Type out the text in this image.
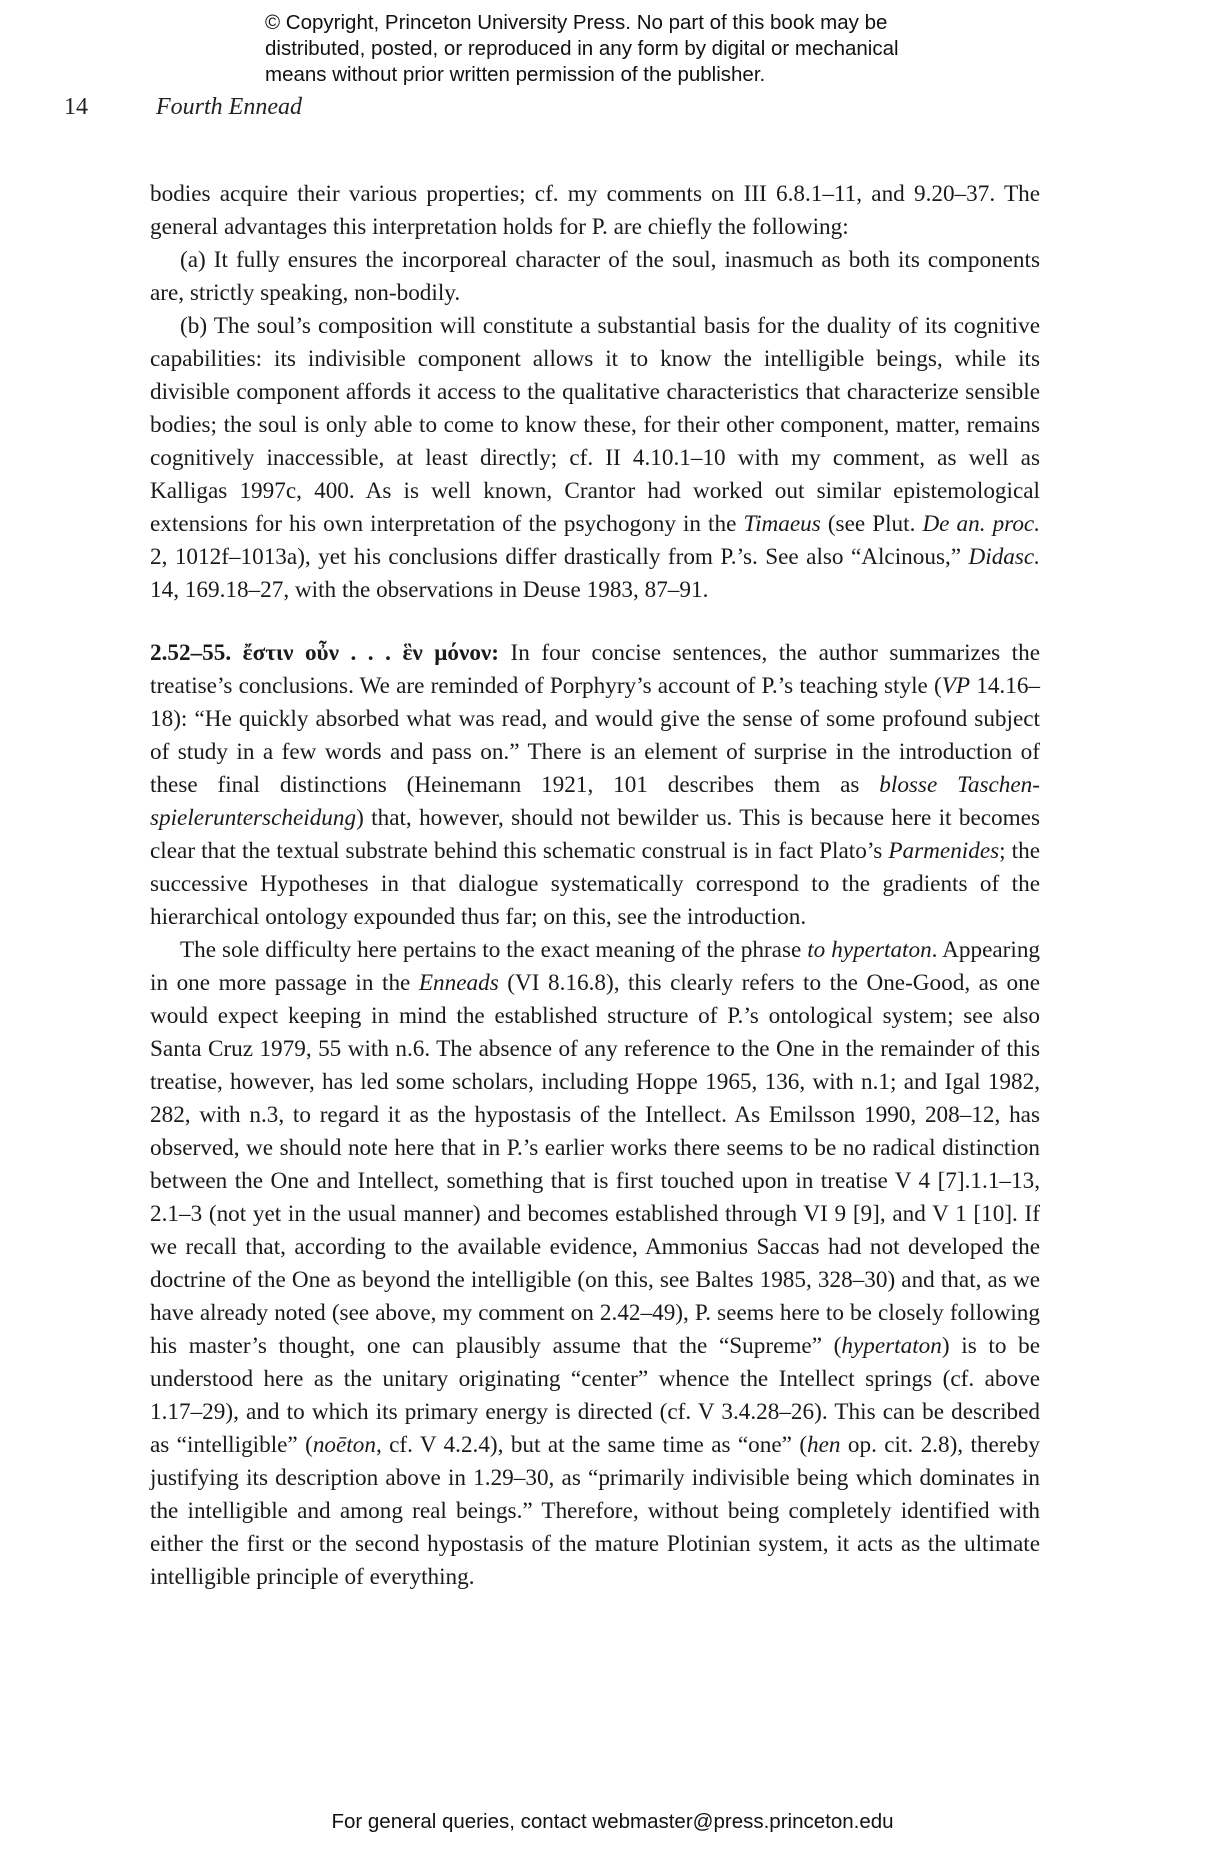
© Copyright, Princeton University Press. No part of this book may be
distributed, posted, or reproduced in any form by digital or mechanical
means without prior written permission of the publisher.
14	Fourth Ennead

bodies acquire their various properties; cf. my comments on III 6.8.1–11, and 9.20–37. The general advantages this interpretation holds for P. are chiefly the following:

(a) It fully ensures the incorporeal character of the soul, inasmuch as both its components are, strictly speaking, non-bodily.

(b) The soul’s composition will constitute a substantial basis for the duality of its cognitive capabilities: its indivisible component allows it to know the intelligible beings, while its divisible component affords it access to the qualitative characteristics that characterize sensible bodies; the soul is only able to come to know these, for their other component, matter, remains cognitively inaccessible, at least directly; cf. II 4.10.1–10 with my comment, as well as Kalligas 1997c, 400. As is well known, Crantor had worked out similar epistemological extensions for his own interpretation of the psychogony in the Timaeus (see Plut. De an. proc. 2, 1012f–1013a), yet his conclusions differ drastically from P.’s. See also “Alcinous,” Didasc. 14, 169.18–27, with the observations in Deuse 1983, 87–91.

2.52–55. ἔστιν οὖν . . . ἓν μόνον: In four concise sentences, the author summarizes the treatise’s conclusions. We are reminded of Porphyry’s account of P.’s teaching style (VP 14.16–18): “He quickly absorbed what was read, and would give the sense of some profound subject of study in a few words and pass on.” There is an element of surprise in the introduction of these final distinctions (Heinemann 1921, 101 describes them as blosse Taschenspielerunterscheidung) that, however, should not bewilder us. This is because here it becomes clear that the textual substrate behind this schematic construal is in fact Plato’s Parmenides; the successive Hypotheses in that dialogue systematically correspond to the gradients of the hierarchical ontology expounded thus far; on this, see the introduction.

The sole difficulty here pertains to the exact meaning of the phrase to hypertaton. Appearing in one more passage in the Enneads (VI 8.16.8), this clearly refers to the One-Good, as one would expect keeping in mind the established structure of P.’s ontological system; see also Santa Cruz 1979, 55 with n.6. The absence of any reference to the One in the remainder of this treatise, however, has led some scholars, including Hoppe 1965, 136, with n.1; and Igal 1982, 282, with n.3, to regard it as the hypostasis of the Intellect. As Emilsson 1990, 208–12, has observed, we should note here that in P.’s earlier works there seems to be no radical distinction between the One and Intellect, something that is first touched upon in treatise V 4 [7].1.1–13, 2.1–3 (not yet in the usual manner) and becomes established through VI 9 [9], and V 1 [10]. If we recall that, according to the available evidence, Ammonius Saccas had not developed the doctrine of the One as beyond the intelligible (on this, see Baltes 1985, 328–30) and that, as we have already noted (see above, my comment on 2.42–49), P. seems here to be closely following his master’s thought, one can plausibly assume that the “Supreme” (hypertaton) is to be understood here as the unitary originating “center” whence the Intellect springs (cf. above 1.17–29), and to which its primary energy is directed (cf. V 3.4.28–26). This can be described as “intelligible” (noēton, cf. V 4.2.4), but at the same time as “one” (hen op. cit. 2.8), thereby justifying its description above in 1.29–30, as “primarily indivisible being which dominates in the intelligible and among real beings.” Therefore, without being completely identified with either the first or the second hypostasis of the mature Plotinian system, it acts as the ultimate intelligible principle of everything.

For general queries, contact webmaster@press.princeton.edu
